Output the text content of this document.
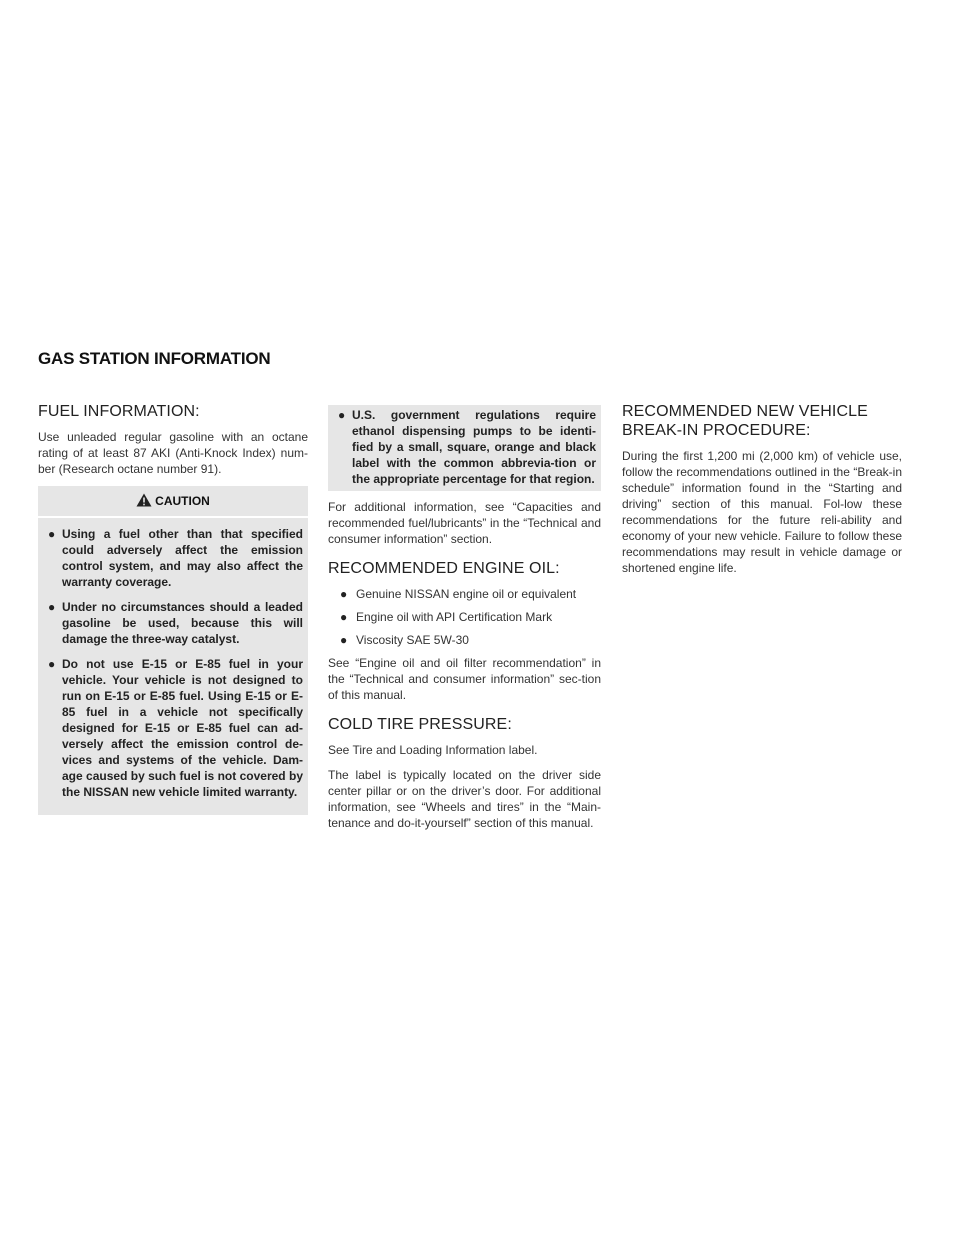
GAS STATION INFORMATION
FUEL INFORMATION:

Use unleaded regular gasoline with an octane rating of at least 87 AKI (Anti-Knock Index) num-ber (Research octane number 91).

CAUTION
● Using a fuel other than that specified could adversely affect the emission control system, and may also affect the warranty coverage.
● Under no circumstances should a leaded gasoline be used, because this will damage the three-way catalyst.
● Do not use E-15 or E-85 fuel in your vehicle. Your vehicle is not designed to run on E-15 or E-85 fuel. Using E-15 or E-85 fuel in a vehicle not specifically designed for E-15 or E-85 fuel can ad-versely affect the emission control de-vices and systems of the vehicle. Dam-age caused by such fuel is not covered by the NISSAN new vehicle limited warranty.
● U.S. government regulations require ethanol dispensing pumps to be identi-fied by a small, square, orange and black label with the common abbrevia-tion or the appropriate percentage for that region.

For additional information, see “Capacities and recommended fuel/lubricants” in the “Technical and consumer information” section.

RECOMMENDED ENGINE OIL:
● Genuine NISSAN engine oil or equivalent
● Engine oil with API Certification Mark
● Viscosity SAE 5W-30

See “Engine oil and oil filter recommendation” in the “Technical and consumer information” sec-tion of this manual.

COLD TIRE PRESSURE:

See Tire and Loading Information label.

The label is typically located on the driver side center pillar or on the driver’s door. For additional information, see “Wheels and tires” in the “Main-tenance and do-it-yourself” section of this manual.

RECOMMENDED NEW VEHICLE
BREAK-IN PROCEDURE:

During the first 1,200 mi (2,000 km) of vehicle use, follow the recommendations outlined in the “Break-in schedule” information found in the “Starting and driving” section of this manual. Fol-low these recommendations for the future reli-ability and economy of your new vehicle. Failure to follow these recommendations may result in vehicle damage or shortened engine life.
